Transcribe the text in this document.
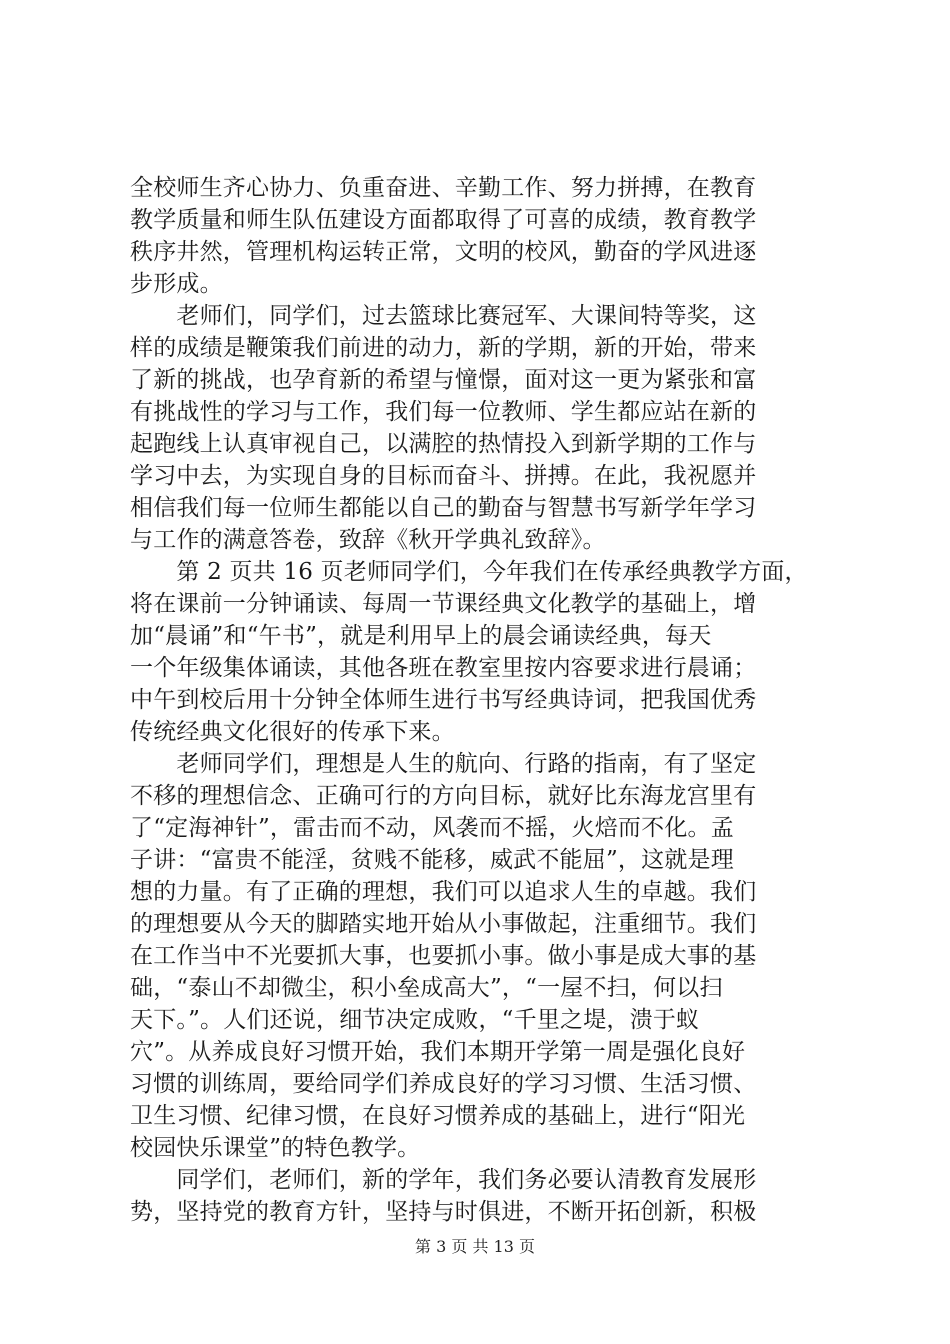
全校师生齐心协力、负重奋进、辛勤工作、努力拼搏，在教育
教学质量和师生队伍建设方面都取得了可喜的成绩，教育教学
秩序井然，管理机构运转正常，文明的校风，勤奋的学风进逐
步形成。
　　老师们，同学们，过去篮球比赛冠军、大课间特等奖，这
样的成绩是鞭策我们前进的动力，新的学期，新的开始，带来
了新的挑战，也孕育新的希望与憧憬，面对这一更为紧张和富
有挑战性的学习与工作，我们每一位教师、学生都应站在新的
起跑线上认真审视自己，以满腔的热情投入到新学期的工作与
学习中去，为实现自身的目标而奋斗、拼搏。在此，我祝愿并
相信我们每一位师生都能以自己的勤奋与智慧书写新学年学习
与工作的满意答卷，致辞《秋开学典礼致辞》。
　　第 2 页共 16 页老师同学们，今年我们在传承经典教学方面，
将在课前一分钟诵读、每周一节课经典文化教学的基础上，增
加“晨诵”和“午书”，就是利用早上的晨会诵读经典，每天
一个年级集体诵读，其他各班在教室里按内容要求进行晨诵；
中午到校后用十分钟全体师生进行书写经典诗词，把我国优秀
传统经典文化很好的传承下来。
　　老师同学们，理想是人生的航向、行路的指南，有了坚定
不移的理想信念、正确可行的方向目标，就好比东海龙宫里有
了“定海神针”，雷击而不动，风袭而不摇，火焙而不化。孟
子讲：“富贵不能淫，贫贱不能移，威武不能屈”，这就是理
想的力量。有了正确的理想，我们可以追求人生的卓越。我们
的理想要从今天的脚踏实地开始从小事做起，注重细节。我们
在工作当中不光要抓大事，也要抓小事。做小事是成大事的基
础，“泰山不却微尘，积小垒成高大”，“一屋不扫，何以扫
天下。”。人们还说，细节决定成败，“千里之堤，溃于蚁
穴”。从养成良好习惯开始，我们本期开学第一周是强化良好
习惯的训练周，要给同学们养成良好的学习习惯、生活习惯、
卫生习惯、纪律习惯，在良好习惯养成的基础上，进行“阳光
校园快乐课堂”的特色教学。
　　同学们，老师们，新的学年，我们务必要认清教育发展形
势，坚持党的教育方针，坚持与时俱进，不断开拓创新，积极
第 3 页 共 13 页
